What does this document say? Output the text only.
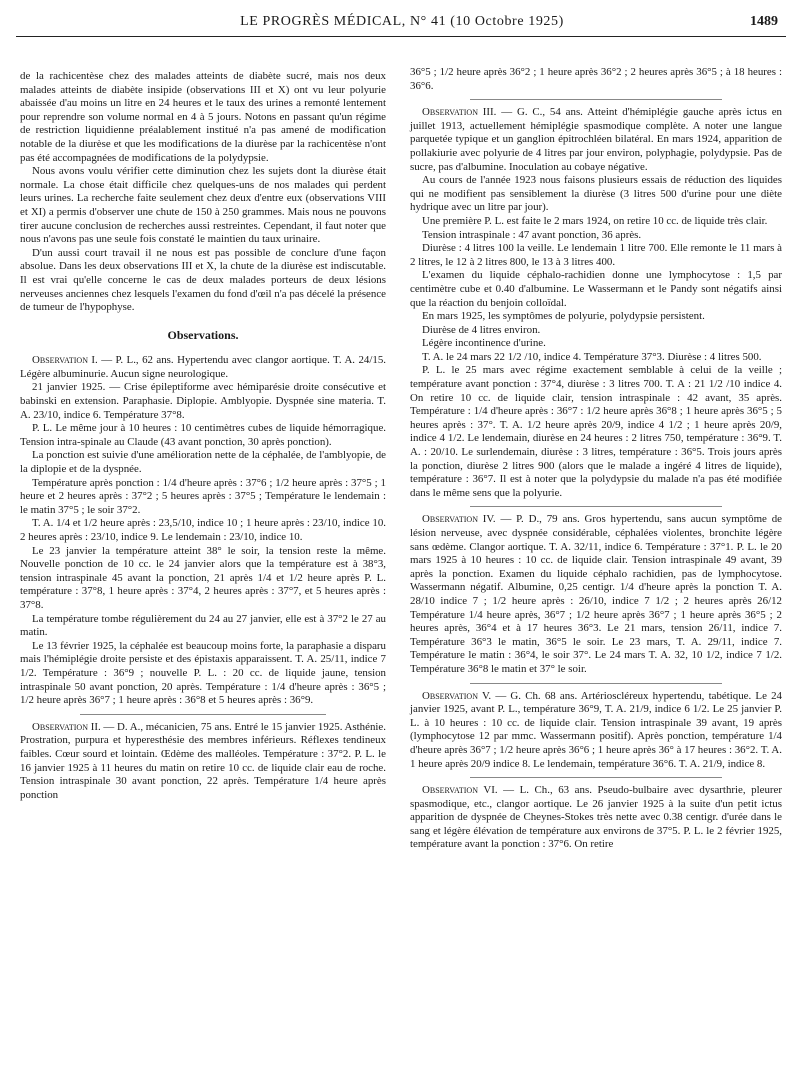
LE PROGRÈS MÉDICAL, N° 41 (10 Octobre 1925)	1489

de la rachicentèse chez des malades atteints de diabète sucré, mais nos deux malades atteints de diabète insipide (observations III et X) ont vu leur polyurie abaissée d'au moins un litre en 24 heures et le taux des urines a remonté lentement pour reprendre son volume normal en 4 à 5 jours. Notons en passant qu'un régime de restriction liquidienne préalablement institué n'a pas amené de modification notable de la diurèse et que les modifications de la diurèse par la rachicentèse n'ont pas été accompagnées de modifications de la polydypsie.

Nous avons voulu vérifier cette diminution chez les sujets dont la diurèse était normale. La chose était difficile chez quelques-uns de nos malades qui perdent leurs urines. La recherche faite seulement chez deux d'entre eux (observations VIII et XI) a permis d'observer une chute de 150 à 250 grammes. Mais nous ne pouvons tirer aucune conclusion de recherches aussi restreintes. Cependant, il faut noter que nous n'avons pas une seule fois constaté le maintien du taux urinaire.

D'un aussi court travail il ne nous est pas possible de conclure d'une façon absolue. Dans les deux observations III et X, la chute de la diurèse est indiscutable. Il est vrai qu'elle concerne le cas de deux malades porteurs de deux lésions nerveuses anciennes chez lesquels l'examen du fond d'œil n'a pas décelé la présence de tumeur de l'hypophyse.

Observations.

Observation I. — P. L., 62 ans. Hypertendu avec clangor aortique. T. A. 24/15. Légère albuminurie. Aucun signe neurologique.

21 janvier 1925. — Crise épileptiforme avec hémiparésie droite consécutive et babinski en extension. Paraphasie. Diplopie. Amblyopie. Dyspnée sine materia. T. A. 23/10, indice 6. Température 37°8.

P. L. Le même jour à 10 heures : 10 centimètres cubes de liquide hémorragique. Tension intra-spinale au Claude (43 avant ponction, 30 après ponction).

La ponction est suivie d'une amélioration nette de la céphalée, de l'amblyopie, de la diplopie et de la dyspnée.

Température après ponction : 1/4 d'heure après : 37°6 ; 1/2 heure après : 37°5 ; 1 heure et 2 heures après : 37°2 ; 5 heures après : 37°5 ; Température le lendemain : le matin 37°5 ; le soir 37°2.

T. A. 1/4 et 1/2 heure après : 23,5/10, indice 10 ; 1 heure après : 23/10, indice 10. 2 heures après : 23/10, indice 9. Le lendemain : 23/10, indice 10.

Le 23 janvier la température atteint 38° le soir, la tension reste la même. Nouvelle ponction de 10 cc. le 24 janvier alors que la température est à 38°3, tension intraspinale 45 avant la ponction, 21 après 1/4 et 1/2 heure après P. L. température : 37°8, 1 heure après : 37°4, 2 heures après : 37°7, et 5 heures après : 37°8.

La température tombe régulièrement du 24 au 27 janvier, elle est à 37°2 le 27 au matin.

Le 13 février 1925, la céphalée est beaucoup moins forte, la paraphasie a disparu mais l'hémiplégie droite persiste et des épistaxis apparaissent. T. A. 25/11, indice 7 1/2. Température : 36°9 ; nouvelle P. L. : 20 cc. de liquide jaune, tension intraspinale 50 avant ponction, 20 après. Température : 1/4 d'heure après : 36°5 ; 1/2 heure après 36°7 ; 1 heure après : 36°8 et 5 heures après : 36°9.

Observation II. — D. A., mécanicien, 75 ans. Entré le 15 janvier 1925. Asthénie. Prostration, purpura et hyperesthésie des membres inférieurs. Réflexes tendineux faibles. Cœur sourd et lointain. Œdème des malléoles. Température : 37°2. P. L. le 16 janvier 1925 à 11 heures du matin on retire 10 cc. de liquide clair eau de roche. Tension intraspinale 30 avant ponction, 22 après. Température 1/4 heure après ponction

36°5 ; 1/2 heure après 36°2 ; 1 heure après 36°2 ; 2 heures après 36°5 ; à 18 heures : 36°6.

Observation III. — G. C., 54 ans. Atteint d'hémiplégie gauche après ictus en juillet 1913, actuellement hémiplégie spasmodique complète. A noter une langue parquetée typique et un ganglion épitrochléen bilatéral. En mars 1924, apparition de pollakiurie avec polyurie de 4 litres par jour environ, polyphagie, polydypsie. Pas de sucre, pas d'albumine. Inoculation au cobaye négative.

Au cours de l'année 1923 nous faisons plusieurs essais de réduction des liquides qui ne modifient pas sensiblement la diurèse (3 litres 500 d'urine pour une diète hydrique avec un litre par jour).

Une première P. L. est faite le 2 mars 1924, on retire 10 cc. de liquide très clair.

Tension intraspinale : 47 avant ponction, 36 après.

Diurèse : 4 litres 100 la veille. Le lendemain 1 litre 700. Elle remonte le 11 mars à 2 litres, le 12 à 2 litres 800, le 13 à 3 litres 400.

L'examen du liquide céphalo-rachidien donne une lymphocytose : 1,5 par centimètre cube et 0.40 d'albumine. Le Wassermann et le Pandy sont négatifs ainsi que la réaction du benjoin colloïdal.

En mars 1925, les symptômes de polyurie, polydypsie persistent.

Diurèse de 4 litres environ.

Légère incontinence d'urine.

T. A. le 24 mars 22 1/2 /10, indice 4. Température 37°3. Diurèse : 4 litres 500.

P. L. le 25 mars avec régime exactement semblable à celui de la veille ; température avant ponction : 37°4, diurèse : 3 litres 700. T. A : 21 1/2 /10 indice 4. On retire 10 cc. de liquide clair, tension intraspinale : 42 avant, 35 après. Température : 1/4 d'heure après : 36°7 : 1/2 heure après 36°8 ; 1 heure après 36°5 ; 5 heures après : 37°. T. A. 1/2 heure après 20/9, indice 4 1/2 ; 1 heure après 20/9, indice 4 1/2. Le lendemain, diurèse en 24 heures : 2 litres 750, température : 36°9. T. A. : 20/10. Le surlendemain, diurèse : 3 litres, température : 36°5. Trois jours après la ponction, diurèse 2 litres 900 (alors que le malade a ingéré 4 litres de liquide), température : 36°7. Il est à noter que la polydypsie du malade n'a pas été modifiée dans le même sens que la polyurie.

Observation IV. — P. D., 79 ans. Gros hypertendu, sans aucun symptôme de lésion nerveuse, avec dyspnée considérable, céphalées violentes, bronchite légère sans œdème. Clangor aortique. T. A. 32/11, indice 6. Température : 37°1. P. L. le 20 mars 1925 à 10 heures : 10 cc. de liquide clair. Tension intraspinale 49 avant, 39 après la ponction. Examen du liquide céphalo rachidien, pas de lymphocytose. Wassermann négatif. Albumine, 0,25 centigr. 1/4 d'heure après la ponction T. A. 28/10 indice 7 ; 1/2 heure après : 26/10, indice 7 1/2 ; 2 heures après 26/12 Température 1/4 heure après, 36°7 ; 1/2 heure après 36°7 ; 1 heure après 36°5 ; 2 heures après, 36°4 et à 17 heures 36°3. Le 21 mars, tension 26/11, indice 7. Température 36°3 le matin, 36°5 le soir. Le 23 mars, T. A. 29/11, indice 7. Température le matin : 36°4, le soir 37°. Le 24 mars T. A. 32, 10 1/2, indice 7 1/2. Température 36°8 le matin et 37° le soir.

Observation V. — G. Ch. 68 ans. Artérioscléreux hypertendu, tabétique. Le 24 janvier 1925, avant P. L., température 36°9, T. A. 21/9, indice 6 1/2. Le 25 janvier P. L. à 10 heures : 10 cc. de liquide clair. Tension intraspinale 39 avant, 19 après (lymphocytose 12 par mmc. Wassermann positif). Après ponction, température 1/4 d'heure après 36°7 ; 1/2 heure après 36°6 ; 1 heure après 36° à 17 heures : 36°2. T. A. 1 heure après 20/9 indice 8. Le lendemain, température 36°6. T. A. 21/9, indice 8.

Observation VI. — L. Ch., 63 ans. Pseudo-bulbaire avec dysarthrie, pleurer spasmodique, etc., clangor aortique. Le 26 janvier 1925 à la suite d'un petit ictus apparition de dyspnée de Cheynes-Stokes très nette avec 0.38 centigr. d'urée dans le sang et légère élévation de température aux environs de 37°5. P. L. le 2 février 1925, température avant la ponction : 37°6. On retire
